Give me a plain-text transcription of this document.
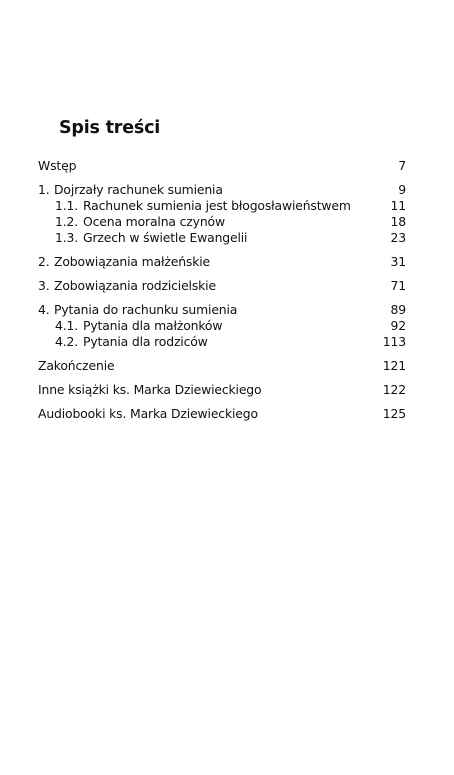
Spis treści
Wstęp	7
1. Dojrzały rachunek sumienia	9
1.1. Rachunek sumienia jest błogosławieństwem	11
1.2. Ocena moralna czynów	18
1.3. Grzech w świetle Ewangelii	23
2. Zobowiązania małżeńskie	31
3. Zobowiązania rodzicielskie	71
4. Pytania do rachunku sumienia	89
4.1. Pytania dla małżonków	92
4.2. Pytania dla rodziców	113
Zakończenie	121
Inne książki ks. Marka Dziewieckiego	122
Audiobooki ks. Marka Dziewieckiego	125
